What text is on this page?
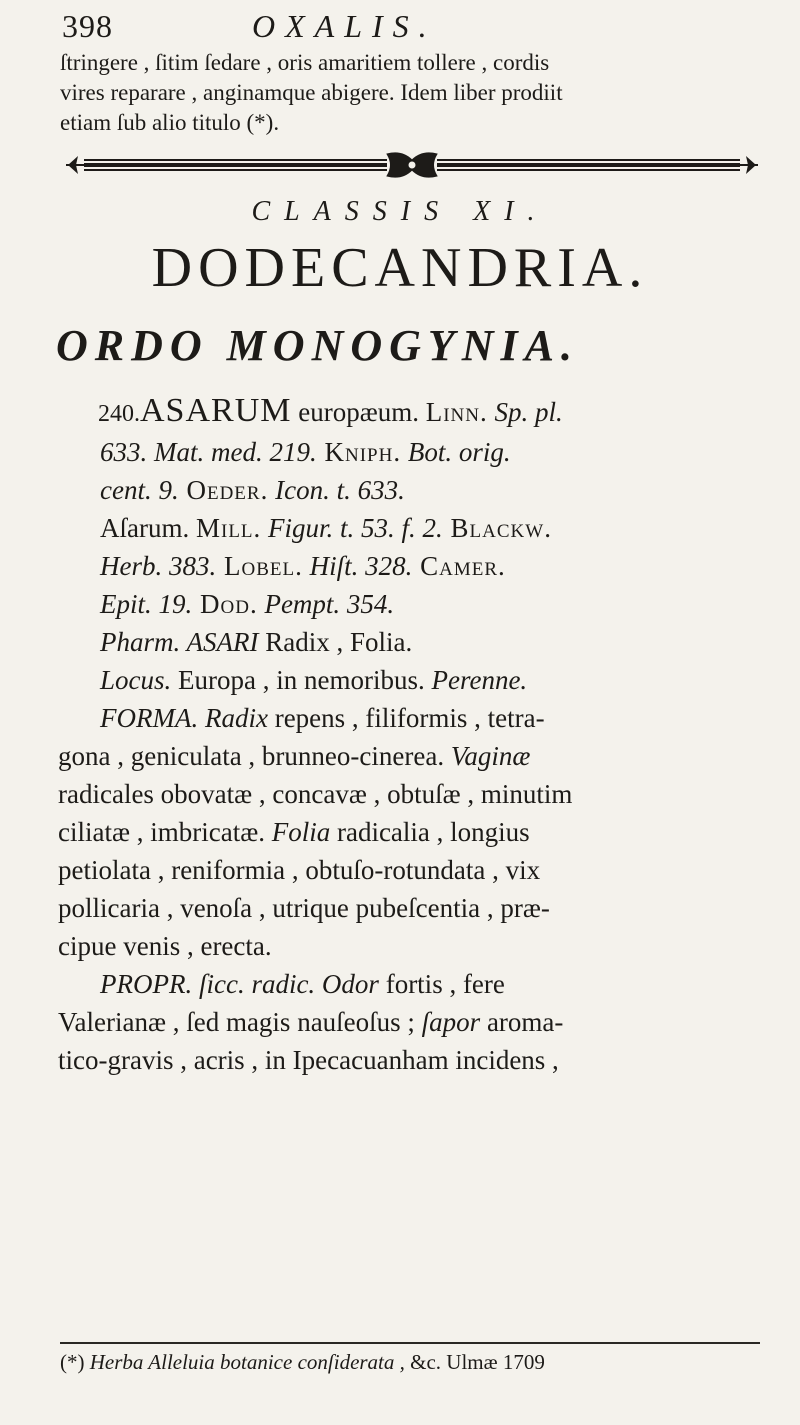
398	OXALIS.
ſtringere , ſitim ſedare , oris amaritiem tollere , cordis
vires reparare , anginamque abigere. Idem liber prodiit
etiam ſub alio titulo (*).
CLASSIS XI.
DODECANDRIA.
ORDO MONOGYNIA.
240.ASARUM europæum. Linn. Sp. pl.
633. Mat. med. 219. Kniph. Bot. orig.
cent. 9. Oeder. Icon. t. 633.
Aſarum. Mill. Figur. t. 53. f. 2. Blackw.
Herb. 383. Lobel. Hiſt. 328. Camer.
Epit. 19. Dod. Pempt. 354.
Pharm. ASARI Radix , Folia.
Locus. Europa , in nemoribus. Perenne.
FORMA. Radix repens , filiformis , tetra-
gona , geniculata , brunneo-cinerea. Vaginæ
radicales obovatæ , concavæ , obtuſæ , minutim
ciliatæ , imbricatæ. Folia radicalia , longius
petiolata , reniformia , obtuſo-rotundata , vix
pollicaria , venoſa , utrique pubeſcentia , præ-
cipue venis , erecta.
PROPR. ſicc. radic. Odor fortis , fere
Valerianæ , ſed magis nauſeoſus ; ſapor aroma-
tico-gravis , acris , in Ipecacuanham incidens ,
(*) Herba Alleluia botanice conſiderata , &c. Ulmæ 1709
